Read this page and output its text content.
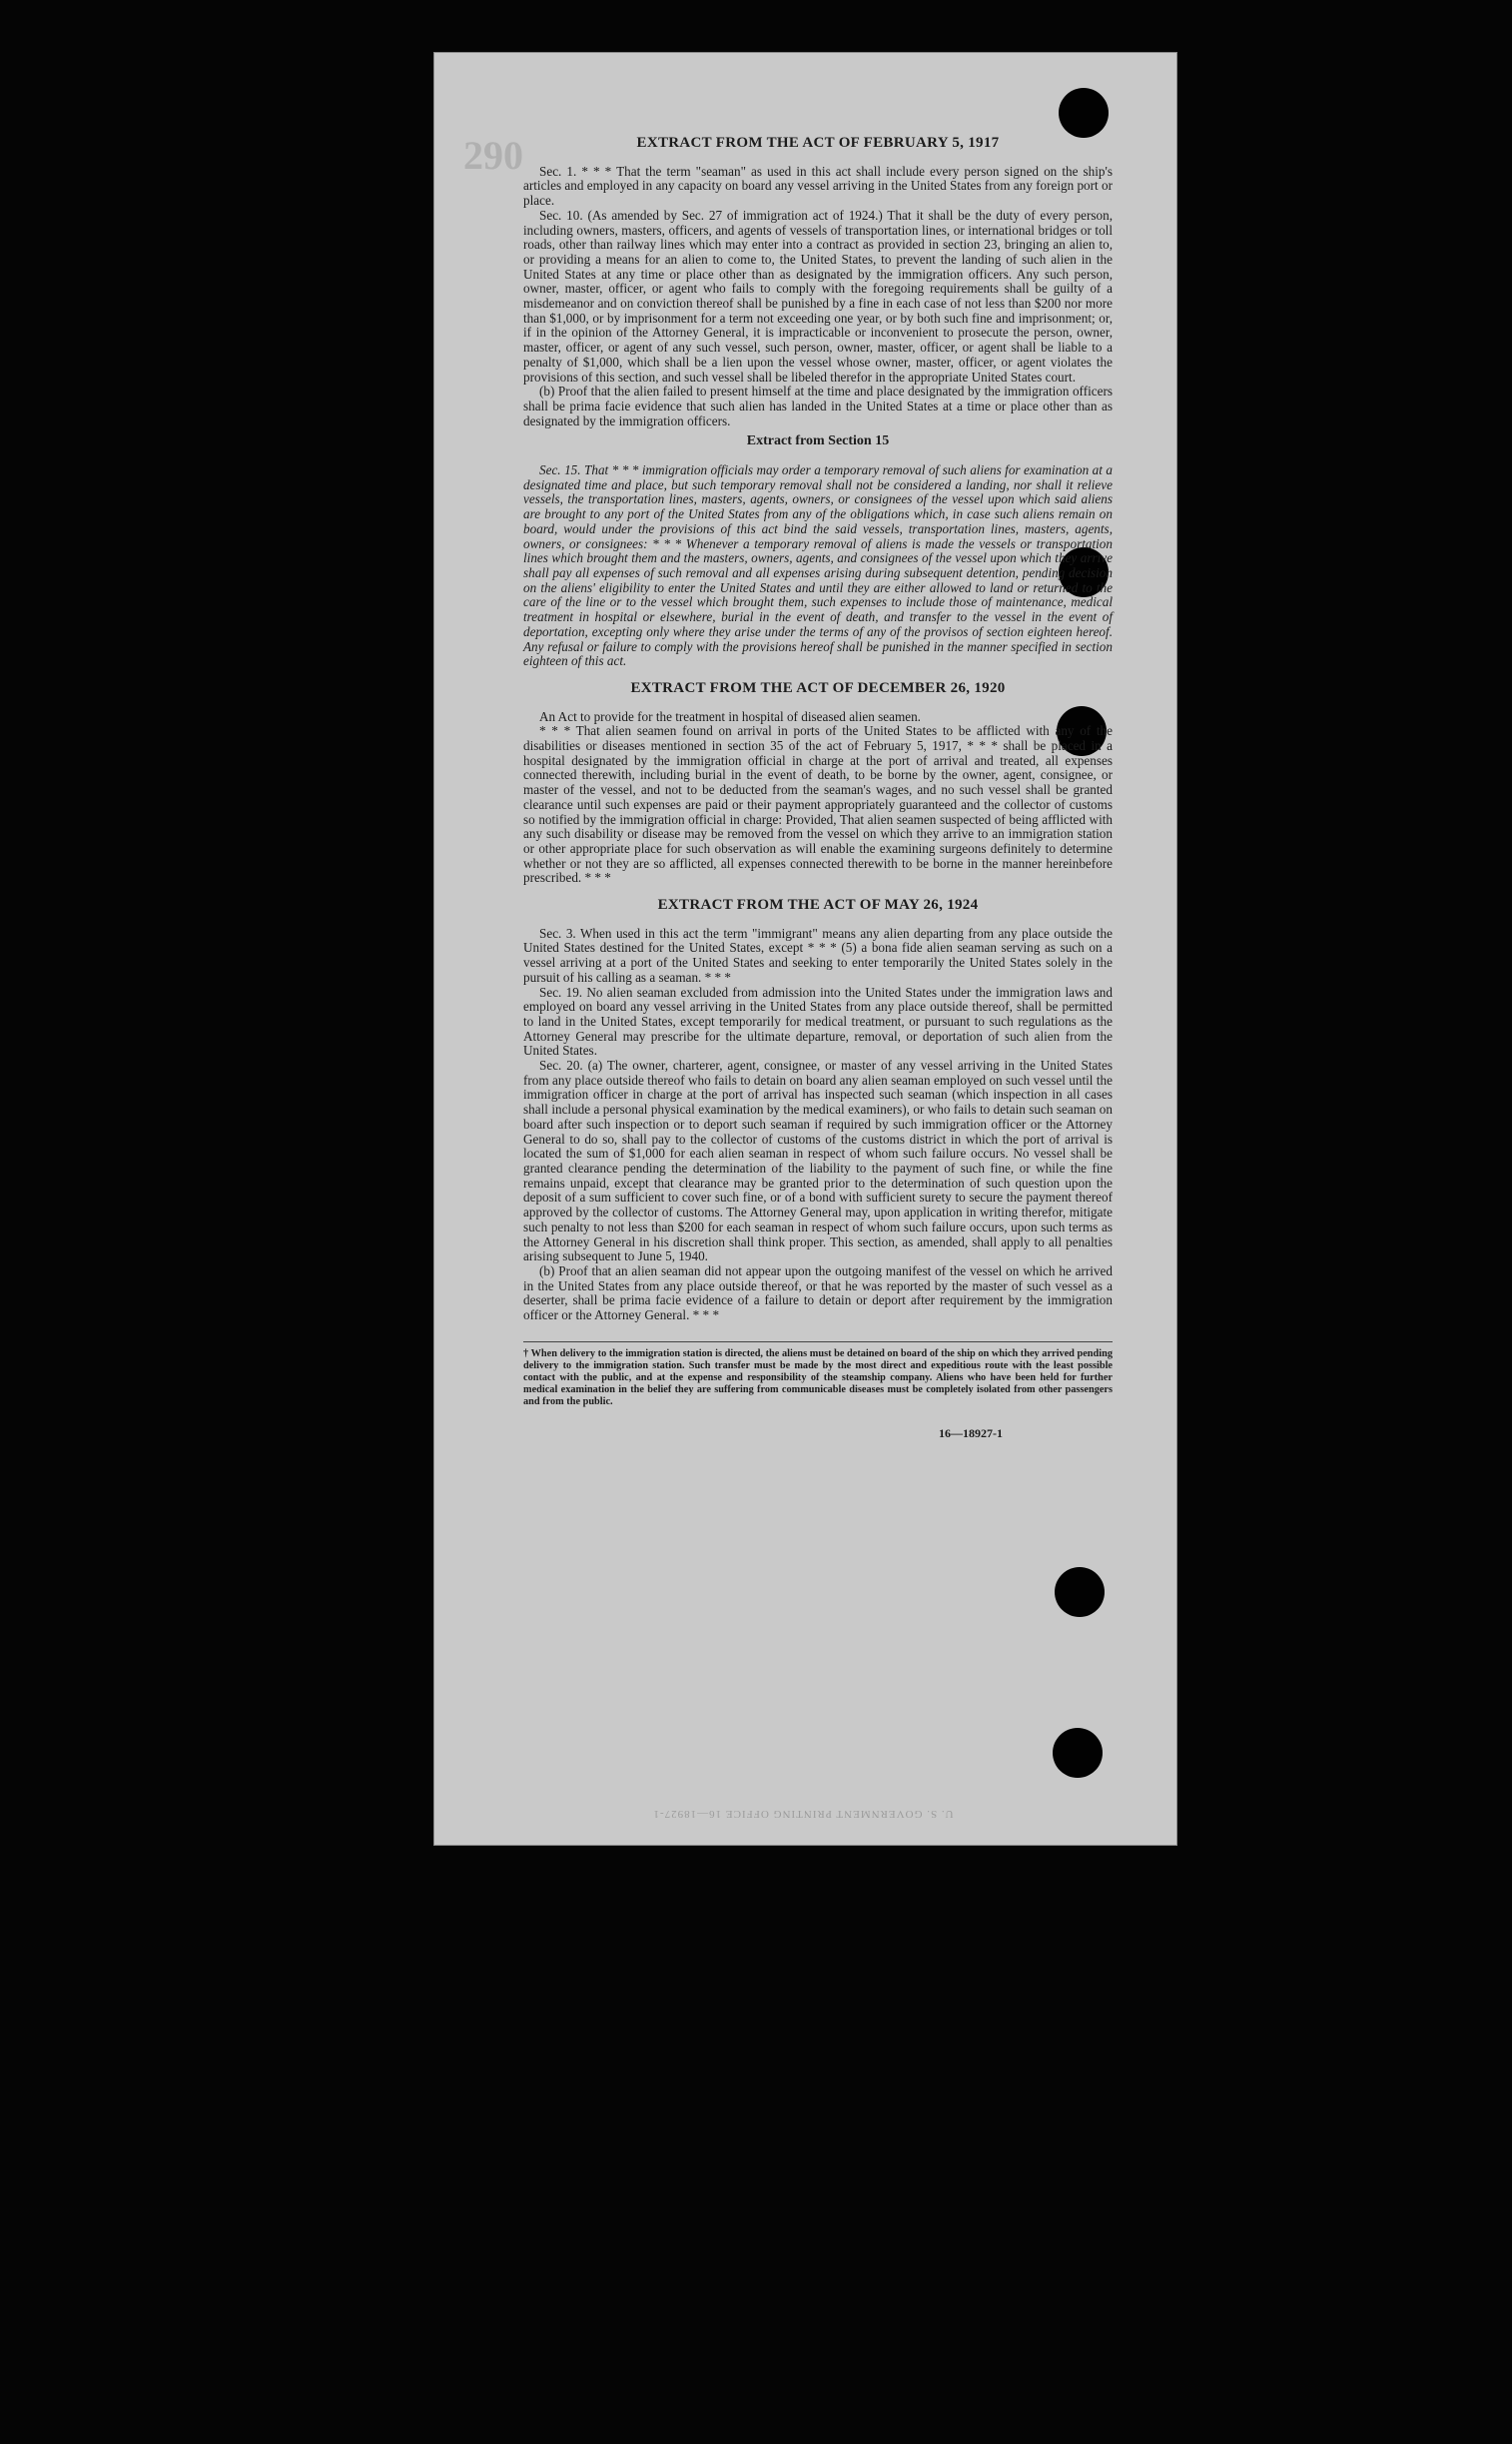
290	EXTRACT FROM THE ACT OF FEBRUARY 5, 1917

Sec. 1. * * * That the term "seaman" as used in this act shall include every person signed on the ship's articles and employed in any capacity on board any vessel arriving in the United States from any foreign port or place.

Sec. 10. (As amended by Sec. 27 of immigration act of 1924.) That it shall be the duty of every person, including owners, masters, officers, and agents of vessels of transportation lines, or international bridges or toll roads, other than railway lines which may enter into a contract as provided in section 23, bringing an alien to, or providing a means for an alien to come to, the United States, to prevent the landing of such alien in the United States at any time or place other than as designated by the immigration officers. Any such person, owner, master, officer, or agent who fails to comply with the foregoing requirements shall be guilty of a misdemeanor and on conviction thereof shall be punished by a fine in each case of not less than $200 nor more than $1,000, or by imprisonment for a term not exceeding one year, or by both such fine and imprisonment; or, if in the opinion of the Attorney General, it is impracticable or inconvenient to prosecute the person, owner, master, officer, or agent of any such vessel, such person, owner, master, officer, or agent shall be liable to a penalty of $1,000, which shall be a lien upon the vessel whose owner, master, officer, or agent violates the provisions of this section, and such vessel shall be libeled therefor in the appropriate United States court.

(b) Proof that the alien failed to present himself at the time and place designated by the immigration officers shall be prima facie evidence that such alien has landed in the United States at a time or place other than as designated by the immigration officers.

Extract from Section 15

Sec. 15. That * * * immigration officials may order a temporary removal of such aliens for examination at a designated time and place, but such temporary removal shall not be considered a landing, nor shall it relieve vessels, the transportation lines, masters, agents, owners, or consignees of the vessel upon which said aliens are brought to any port of the United States from any of the obligations which, in case such aliens remain on board, would under the provisions of this act bind the said vessels, transportation lines, masters, agents, owners, or consignees: * * * Whenever a temporary removal of aliens is made the vessels or transportation lines which brought them and the masters, owners, agents, and consignees of the vessel upon which they arrive shall pay all expenses of such removal and all expenses arising during subsequent detention, pending decision on the aliens' eligibility to enter the United States and until they are either allowed to land or returned to the care of the line or to the vessel which brought them, such expenses to include those of maintenance, medical treatment in hospital or elsewhere, burial in the event of death, and transfer to the vessel in the event of deportation, excepting only where they arise under the terms of any of the provisos of section eighteen hereof. Any refusal or failure to comply with the provisions hereof shall be punished in the manner specified in section eighteen of this act.

EXTRACT FROM THE ACT OF DECEMBER 26, 1920

An Act to provide for the treatment in hospital of diseased alien seamen.

* * * That alien seamen found on arrival in ports of the United States to be afflicted with any of the disabilities or diseases mentioned in section 35 of the act of February 5, 1917, * * * shall be placed in a hospital designated by the immigration official in charge at the port of arrival and treated, all expenses connected therewith, including burial in the event of death, to be borne by the owner, agent, consignee, or master of the vessel, and not to be deducted from the seaman's wages, and no such vessel shall be granted clearance until such expenses are paid or their payment appropriately guaranteed and the collector of customs so notified by the immigration official in charge: Provided, That alien seamen suspected of being afflicted with any such disability or disease may be removed from the vessel on which they arrive to an immigration station or other appropriate place for such observation as will enable the examining surgeons definitely to determine whether or not they are so afflicted, all expenses connected therewith to be borne in the manner hereinbefore prescribed. * * *

EXTRACT FROM THE ACT OF MAY 26, 1924

Sec. 3. When used in this act the term "immigrant" means any alien departing from any place outside the United States destined for the United States, except * * * (5) a bona fide alien seaman serving as such on a vessel arriving at a port of the United States and seeking to enter temporarily the United States solely in the pursuit of his calling as a seaman. * * *

Sec. 19. No alien seaman excluded from admission into the United States under the immigration laws and employed on board any vessel arriving in the United States from any place outside thereof, shall be permitted to land in the United States, except temporarily for medical treatment, or pursuant to such regulations as the Attorney General may prescribe for the ultimate departure, removal, or deportation of such alien from the United States.

Sec. 20. (a) The owner, charterer, agent, consignee, or master of any vessel arriving in the United States from any place outside thereof who fails to detain on board any alien seaman employed on such vessel until the immigration officer in charge at the port of arrival has inspected such seaman (which inspection in all cases shall include a personal physical examination by the medical examiners), or who fails to detain such seaman on board after such inspection or to deport such seaman if required by such immigration officer or the Attorney General to do so, shall pay to the collector of customs of the customs district in which the port of arrival is located the sum of $1,000 for each alien seaman in respect of whom such failure occurs. No vessel shall be granted clearance pending the determination of the liability to the payment of such fine, or while the fine remains unpaid, except that clearance may be granted prior to the determination of such question upon the deposit of a sum sufficient to cover such fine, or of a bond with sufficient surety to secure the payment thereof approved by the collector of customs. The Attorney General may, upon application in writing therefor, mitigate such penalty to not less than $200 for each seaman in respect of whom such failure occurs, upon such terms as the Attorney General in his discretion shall think proper. This section, as amended, shall apply to all penalties arising subsequent to June 5, 1940.

(b) Proof that an alien seaman did not appear upon the outgoing manifest of the vessel on which he arrived in the United States from any place outside thereof, or that he was reported by the master of such vessel as a deserter, shall be prima facie evidence of a failure to detain or deport after requirement by the immigration officer or the Attorney General. * * *

† When delivery to the immigration station is directed, the aliens must be detained on board of the ship on which they arrived pending delivery to the immigration station. Such transfer must be made by the most direct and expeditious route with the least possible contact with the public, and at the expense and responsibility of the steamship company. Aliens who have been held for further medical examination in the belief they are suffering from communicable diseases must be completely isolated from other passengers and from the public.
16—18927-1
U. S. GOVERNMENT PRINTING OFFICE 16—18927-1
